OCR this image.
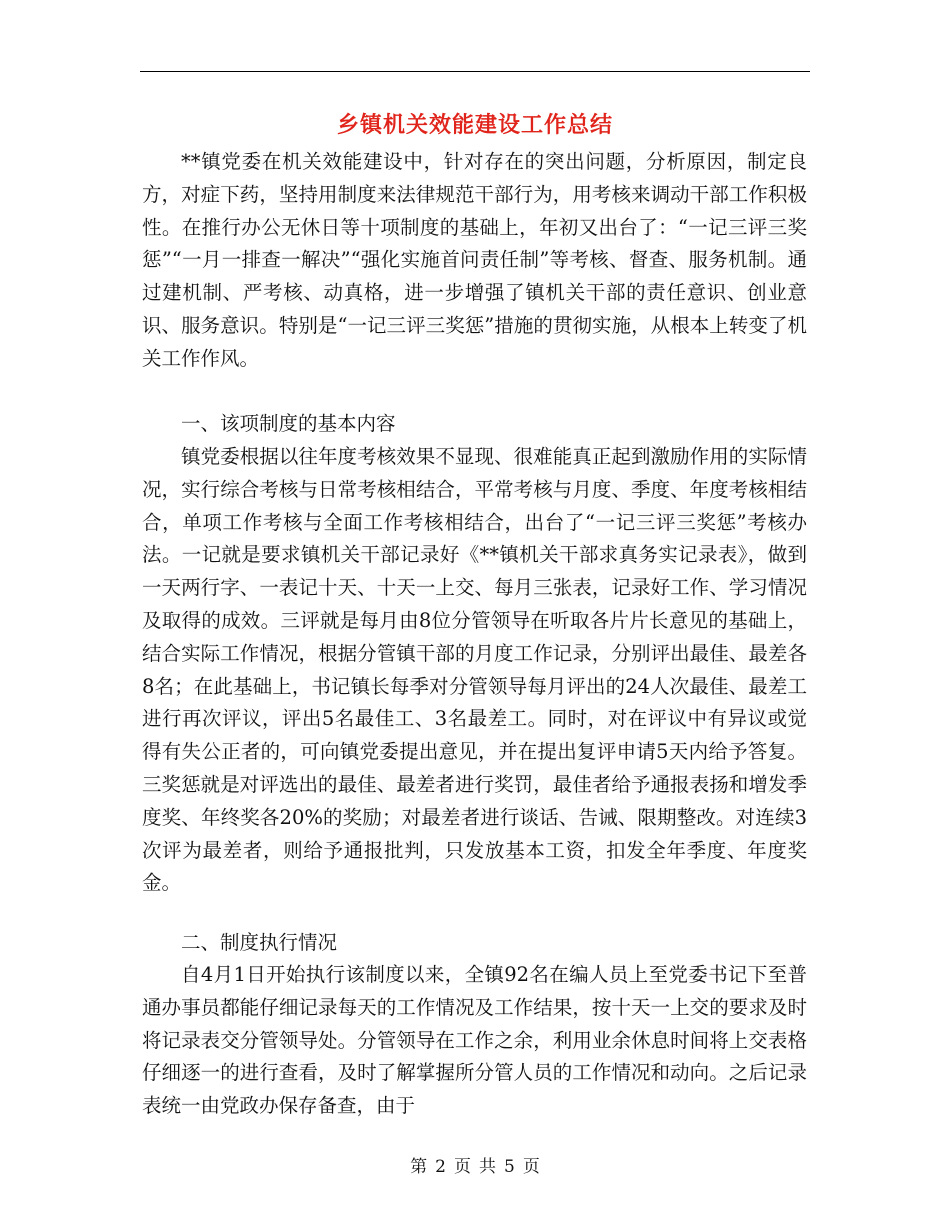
乡镇机关效能建设工作总结

**镇党委在机关效能建设中，针对存在的突出问题，分析原因，制定良方，对症下药，坚持用制度来法律规范干部行为，用考核来调动干部工作积极性。在推行办公无休日等十项制度的基础上，年初又出台了：“一记三评三奖惩”“一月一排查一解决”“强化实施首问责任制”等考核、督查、服务机制。通过建机制、严考核、动真格，进一步增强了镇机关干部的责任意识、创业意识、服务意识。特别是“一记三评三奖惩”措施的贯彻实施，从根本上转变了机关工作作风。

一、该项制度的基本内容

镇党委根据以往年度考核效果不显现、很难能真正起到激励作用的实际情况，实行综合考核与日常考核相结合，平常考核与月度、季度、年度考核相结合，单项工作考核与全面工作考核相结合，出台了“一记三评三奖惩”考核办法。一记就是要求镇机关干部记录好《**镇机关干部求真务实记录表》，做到一天两行字、一表记十天、十天一上交、每月三张表，记录好工作、学习情况及取得的成效。三评就是每月由8位分管领导在听取各片片长意见的基础上，结合实际工作情况，根据分管镇干部的月度工作记录，分别评出最佳、最差各8名；在此基础上，书记镇长每季对分管领导每月评出的24人次最佳、最差工进行再次评议，评出5名最佳工、3名最差工。同时，对在评议中有异议或觉得有失公正者的，可向镇党委提出意见，并在提出复评申请5天内给予答复。三奖惩就是对评选出的最佳、最差者进行奖罚，最佳者给予通报表扬和增发季度奖、年终奖各20%的奖励；对最差者进行谈话、告诫、限期整改。对连续3次评为最差者，则给予通报批判，只发放基本工资，扣发全年季度、年度奖金。

二、制度执行情况

自4月1日开始执行该制度以来，全镇92名在编人员上至党委书记下至普通办事员都能仔细记录每天的工作情况及工作结果，按十天一上交的要求及时将记录表交分管领导处。分管领导在工作之余，利用业余休息时间将上交表格仔细逐一的进行查看，及时了解掌握所分管人员的工作情况和动向。之后记录表统一由党政办保存备查，由于

第 2 页 共 5 页
